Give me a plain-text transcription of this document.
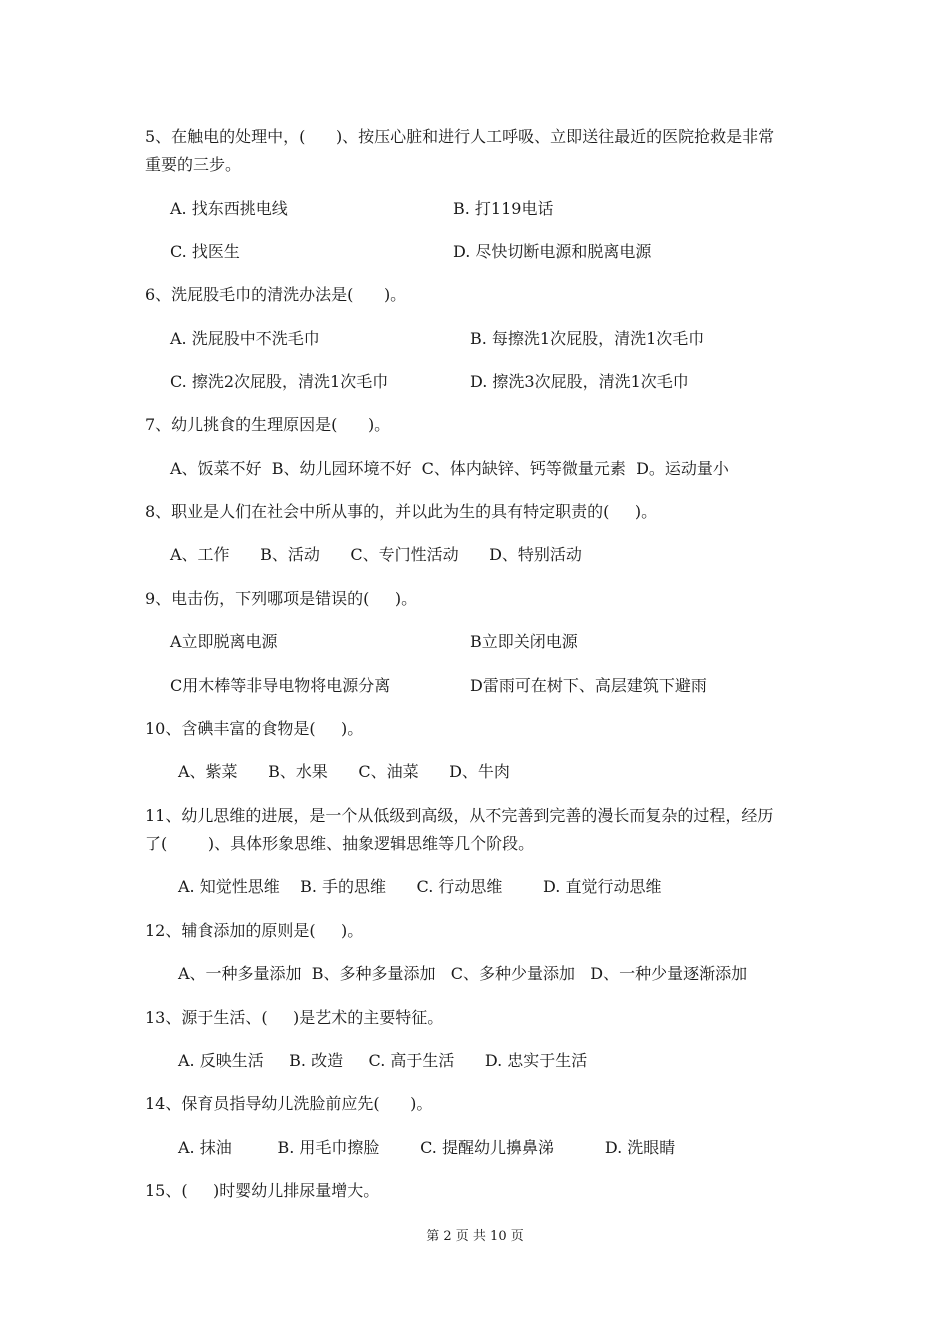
5、在触电的处理中，(      )、按压心脏和进行人工呼吸、立即送往最近的医院抢救是非常
重要的三步。
A. 找东西挑电线	B. 打119电话
C. 找医生	D. 尽快切断电源和脱离电源
6、洗屁股毛巾的清洗办法是(      )。
A. 洗屁股中不洗毛巾	B. 每擦洗1次屁股，清洗1次毛巾
C. 擦洗2次屁股，清洗1次毛巾	D. 擦洗3次屁股，清洗1次毛巾
7、幼儿挑食的生理原因是(      )。
A、饭菜不好  B、幼儿园环境不好  C、体内缺锌、钙等微量元素  D。运动量小
8、职业是人们在社会中所从事的，并以此为生的具有特定职责的(     )。
A、工作      B、活动      C、专门性活动      D、特别活动
9、电击伤，下列哪项是错误的(     )。
A立即脱离电源	B立即关闭电源
C用木棒等非导电物将电源分离	D雷雨可在树下、高层建筑下避雨
10、含碘丰富的食物是(     )。
A、紫菜      B、水果      C、油菜      D、牛肉
11、幼儿思维的进展，是一个从低级到高级，从不完善到完善的漫长而复杂的过程，经历
了(        )、具体形象思维、抽象逻辑思维等几个阶段。
A. 知觉性思维    B. 手的思维      C. 行动思维        D. 直觉行动思维
12、辅食添加的原则是(     )。
A、一种多量添加  B、多种多量添加   C、多种少量添加   D、一种少量逐渐添加
13、源于生活、(     )是艺术的主要特征。
A. 反映生活     B. 改造     C. 高于生活      D. 忠实于生活
14、保育员指导幼儿洗脸前应先(      )。
A. 抹油         B. 用毛巾擦脸        C. 提醒幼儿擤鼻涕          D. 洗眼睛
15、(     )时婴幼儿排尿量增大。
第 2 页 共 10 页
